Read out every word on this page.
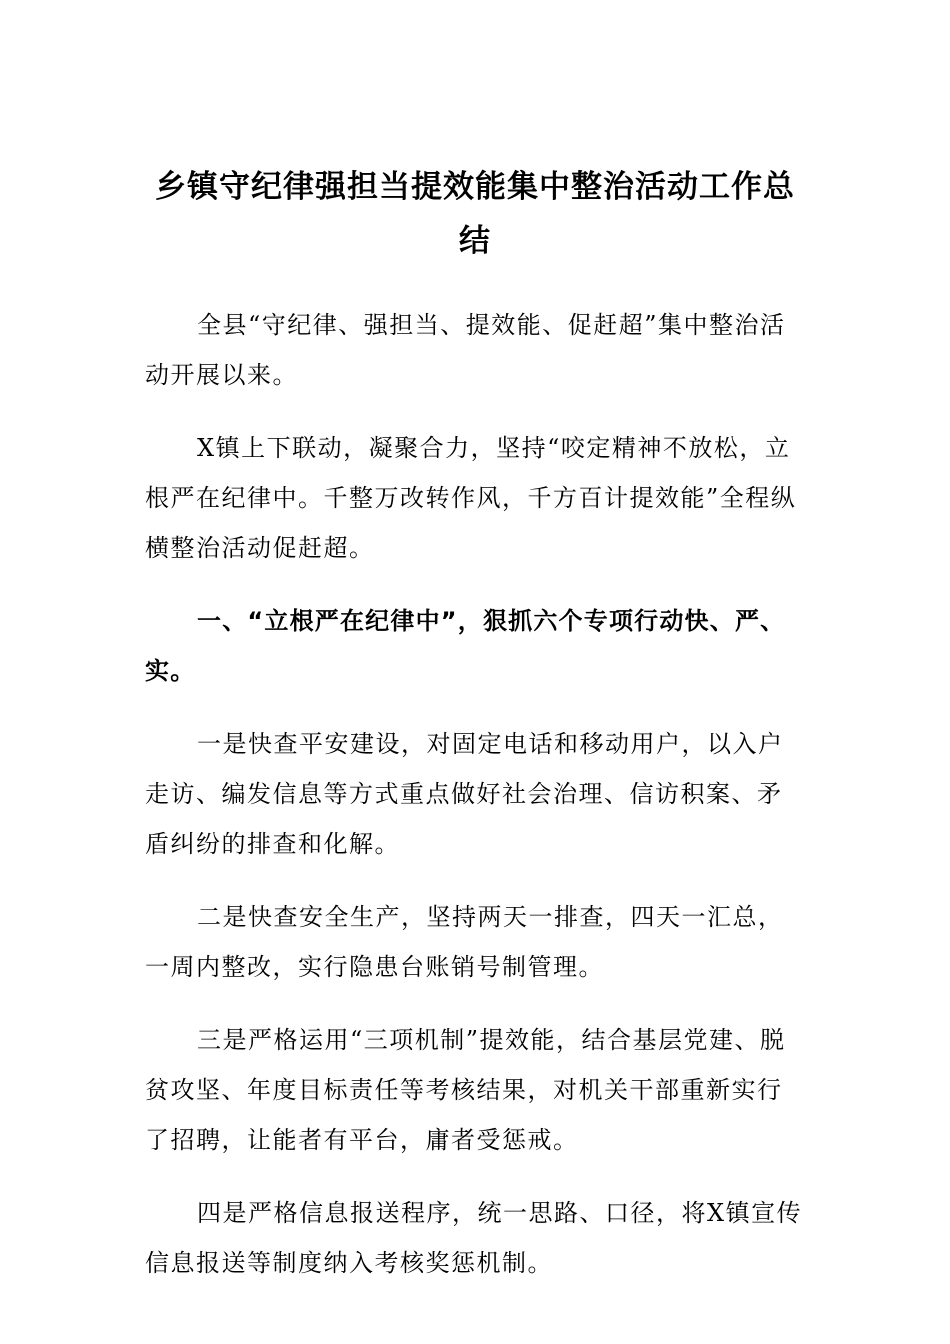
乡镇守纪律强担当提效能集中整治活动工作总结

全县“守纪律、强担当、提效能、促赶超”集中整治活动开展以来。

X镇上下联动，凝聚合力，坚持“咬定精神不放松，立根严在纪律中。千整万改转作风，千方百计提效能”全程纵横整治活动促赶超。

一、“立根严在纪律中”，狠抓六个专项行动快、严、实。

一是快查平安建设，对固定电话和移动用户，以入户走访、编发信息等方式重点做好社会治理、信访积案、矛盾纠纷的排查和化解。

二是快查安全生产，坚持两天一排查，四天一汇总，一周内整改，实行隐患台账销号制管理。

三是严格运用“三项机制”提效能，结合基层党建、脱贫攻坚、年度目标责任等考核结果，对机关干部重新实行了招聘，让能者有平台，庸者受惩戒。

四是严格信息报送程序，统一思路、口径，将X镇宣传信息报送等制度纳入考核奖惩机制。
